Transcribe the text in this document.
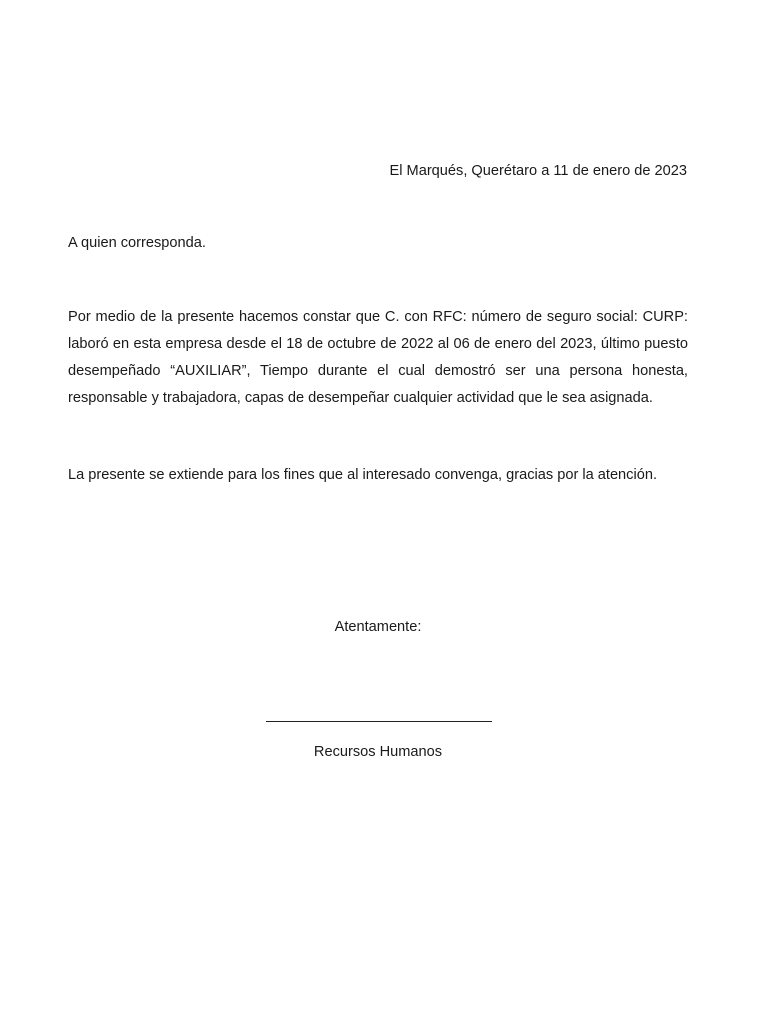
El Marqués, Querétaro a 11 de enero de 2023
A quien corresponda.

Por medio de la presente hacemos constar que C. con RFC: número de seguro social: CURP: laboró en esta empresa desde el 18 de octubre de 2022 al 06 de enero del 2023, último puesto desempeñado “AUXILIAR”, Tiempo durante el cual demostró ser una persona honesta, responsable y trabajadora, capas de desempeñar cualquier actividad que le sea asignada.

La presente se extiende para los fines que al interesado convenga, gracias por la atención.

Atentamente:
Recursos Humanos
